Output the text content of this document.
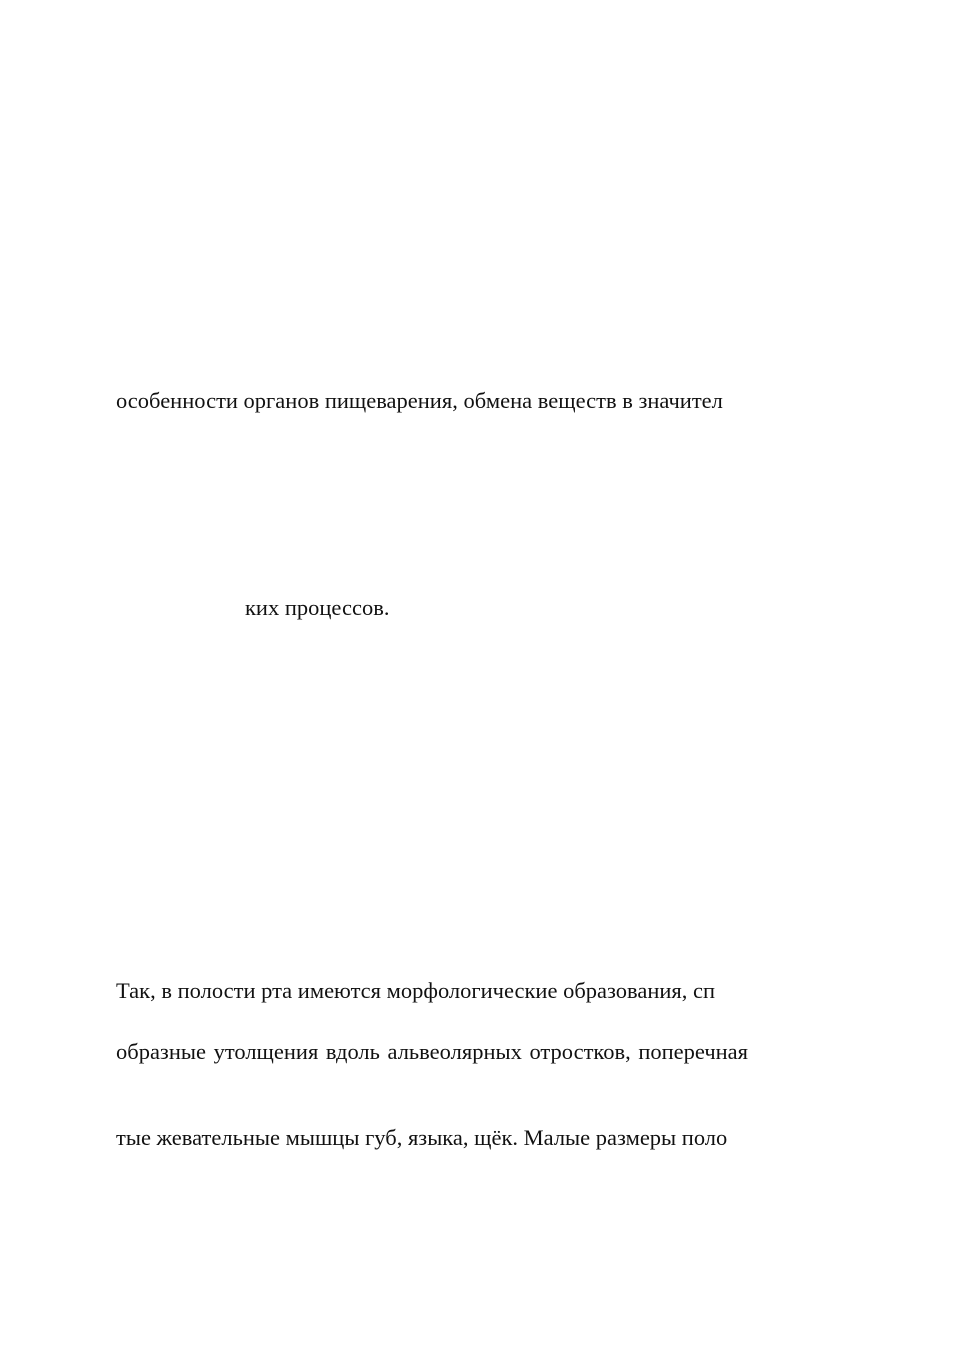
особенности органов пищеварения, обмена веществ в значител
ких процессов.
Так, в полости рта имеются морфологические образования, сп
образные утолщения вдоль альвеолярных отростков, поперечная
тые жевательные мышцы губ, языка, щёк. Малые размеры поло
